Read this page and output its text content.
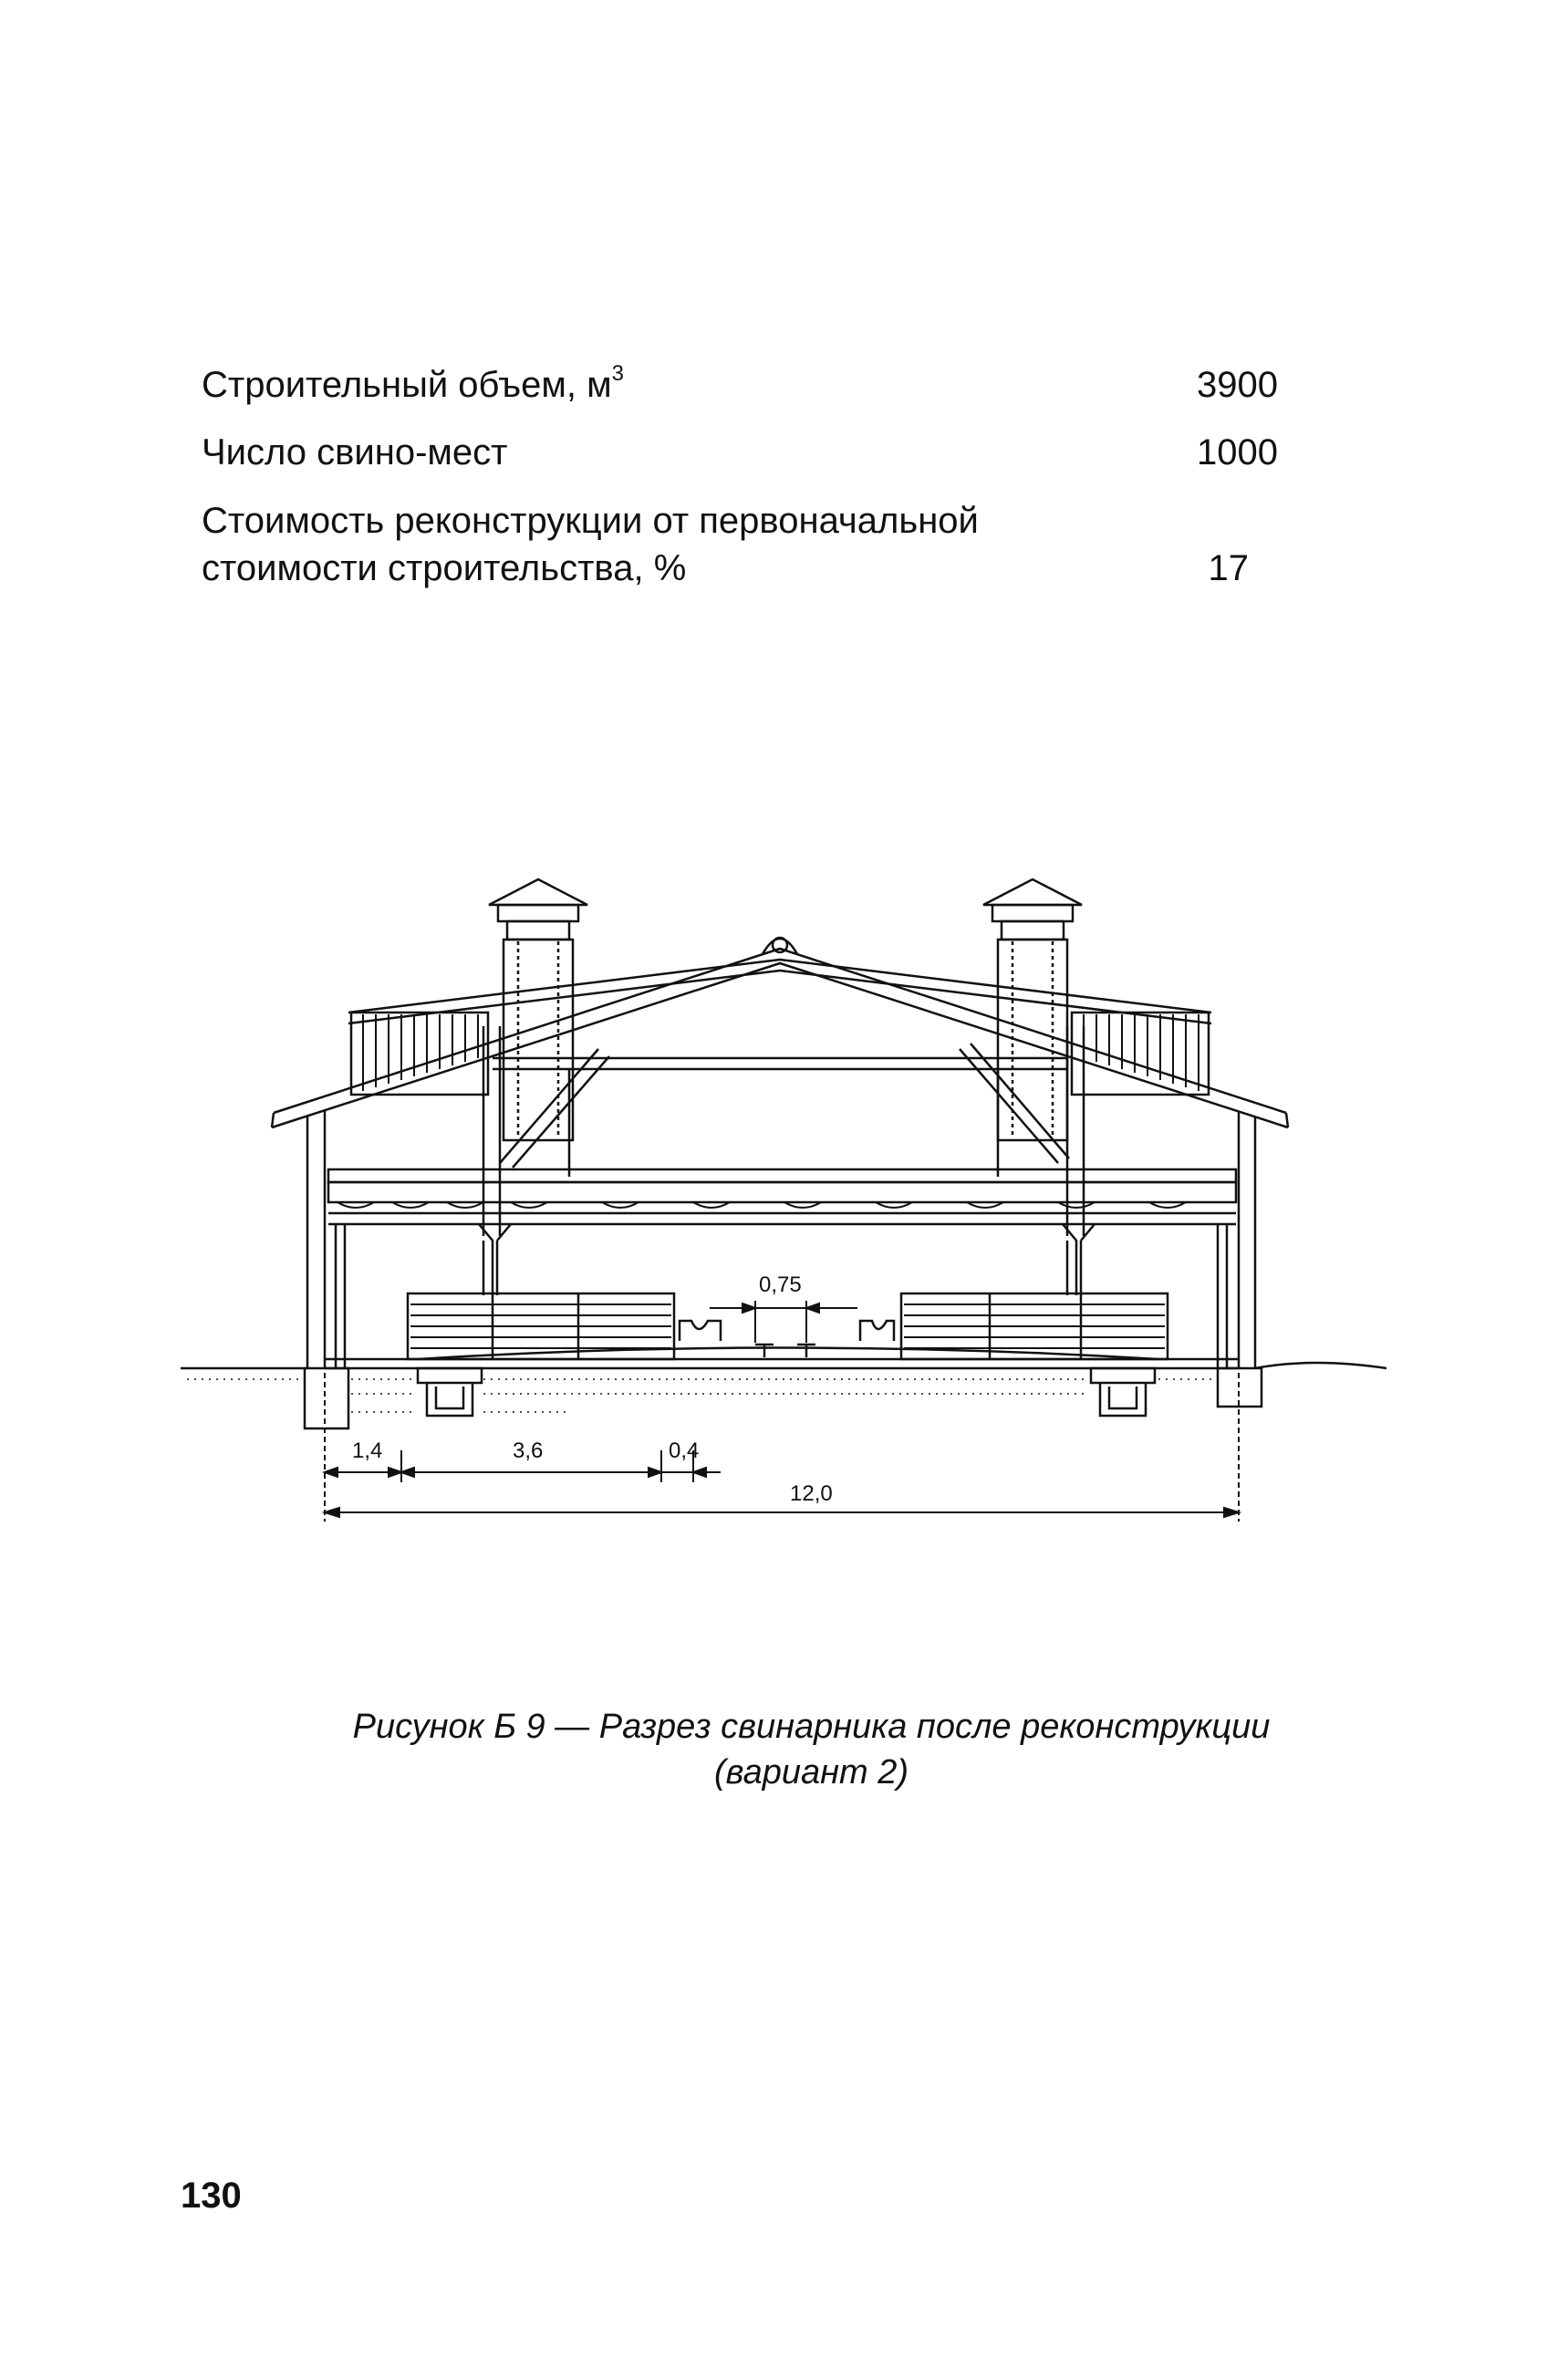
Строительный объем, $м^3$	3900
Число свино-мест	1000
Стоимость реконструкции от первоначальной
стоимости строительства, %	17
1,4	3,6	0,4
12,0
0,75
Рисунок Б 9 — Разрез свинарника после реконструкции
(вариант 2)
130
